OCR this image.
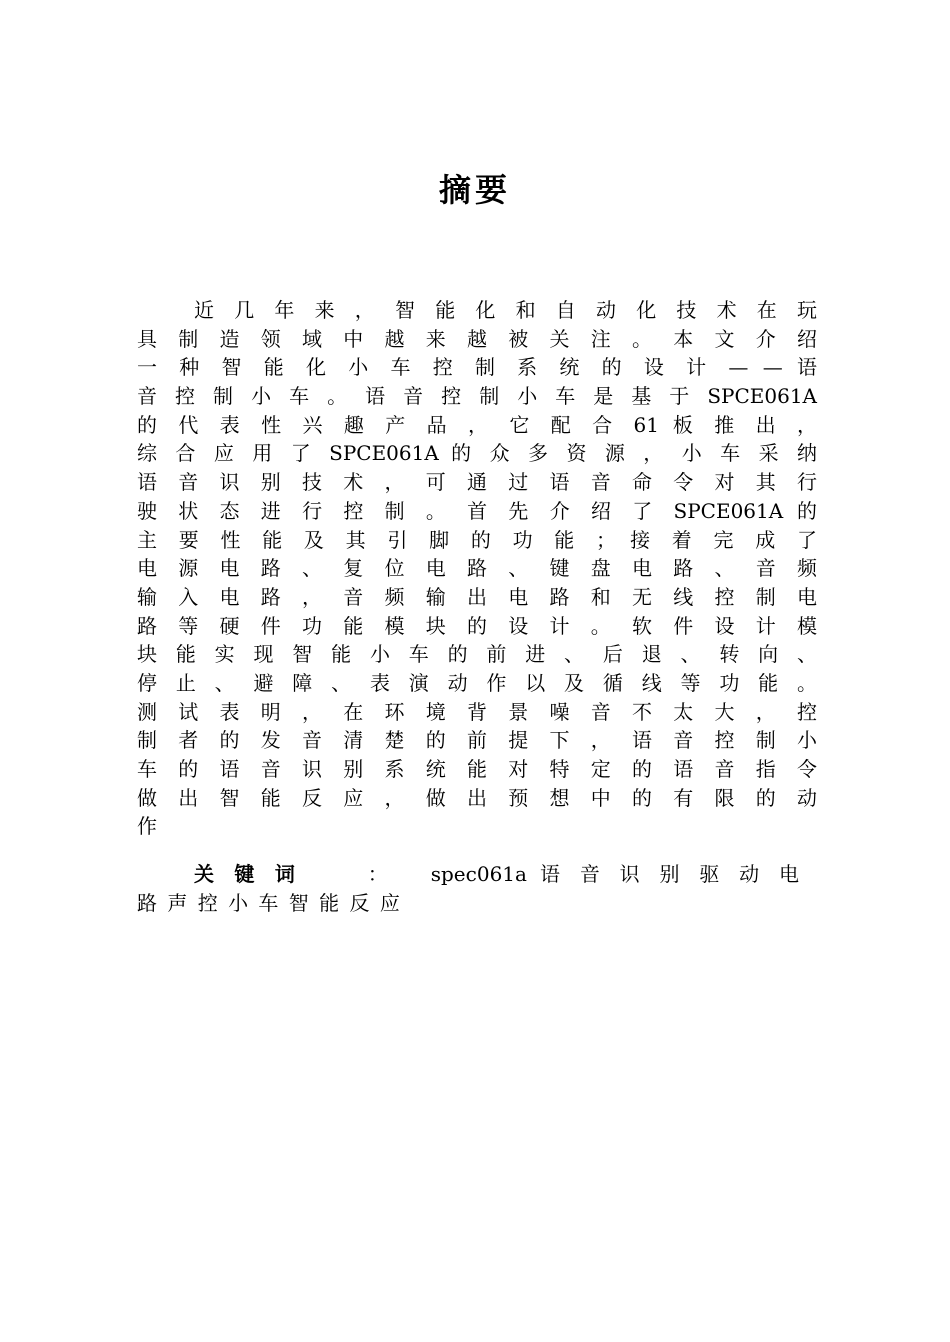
摘要
近 几 年 来 ， 智 能 化 和 自 动 化 技 术 在 玩
具 制 造 领 域 中 越 来 越 被 关 注 。 本 文 介 绍
一 种 智 能 化 小 车 控 制 系 统 的 设 计 — — 语
音 控 制 小 车 。 语 音 控 制 小 车 是 基 于 SPCE061A
的 代 表 性 兴 趣 产 品 ， 它 配 合 61 板 推 出 ，
综 合 应 用 了 SPCE061A 的 众 多 资 源 ， 小 车 采 纳
语 音 识 别 技 术 ， 可 通 过 语 音 命 令 对 其 行
驶 状 态 进 行 控 制 。 首 先 介 绍 了 SPCE061A 的
主 要 性 能 及 其 引 脚 的 功 能 ； 接 着 完 成 了
电 源 电 路 、 复 位 电 路 、 键 盘 电 路 、 音 频
输 入 电 路 ， 音 频 输 出 电 路 和 无 线 控 制 电
路 等 硬 件 功 能 模 块 的 设 计 。 软 件 设 计 模
块 能 实 现 智 能 小 车 的 前 进 、 后 退 、 转 向 、
停 止 、 避 障 、 表 演 动 作 以 及 循 线 等 功 能 。
测 试 表 明 ， 在 环 境 背 景 噪 音 不 太 大 ， 控
制 者 的 发 音 清 楚 的 前 提 下 ， 语 音 控 制 小
车 的 语 音 识 别 系 统 能 对 特 定 的 语 音 指 令
做 出 智 能 反 应 ， 做 出 预 想 中 的 有 限 的 动
作
关 键 词	： spec061a 语 音 识 别 驱 动 电
路 声 控 小 车 智 能 反 应
